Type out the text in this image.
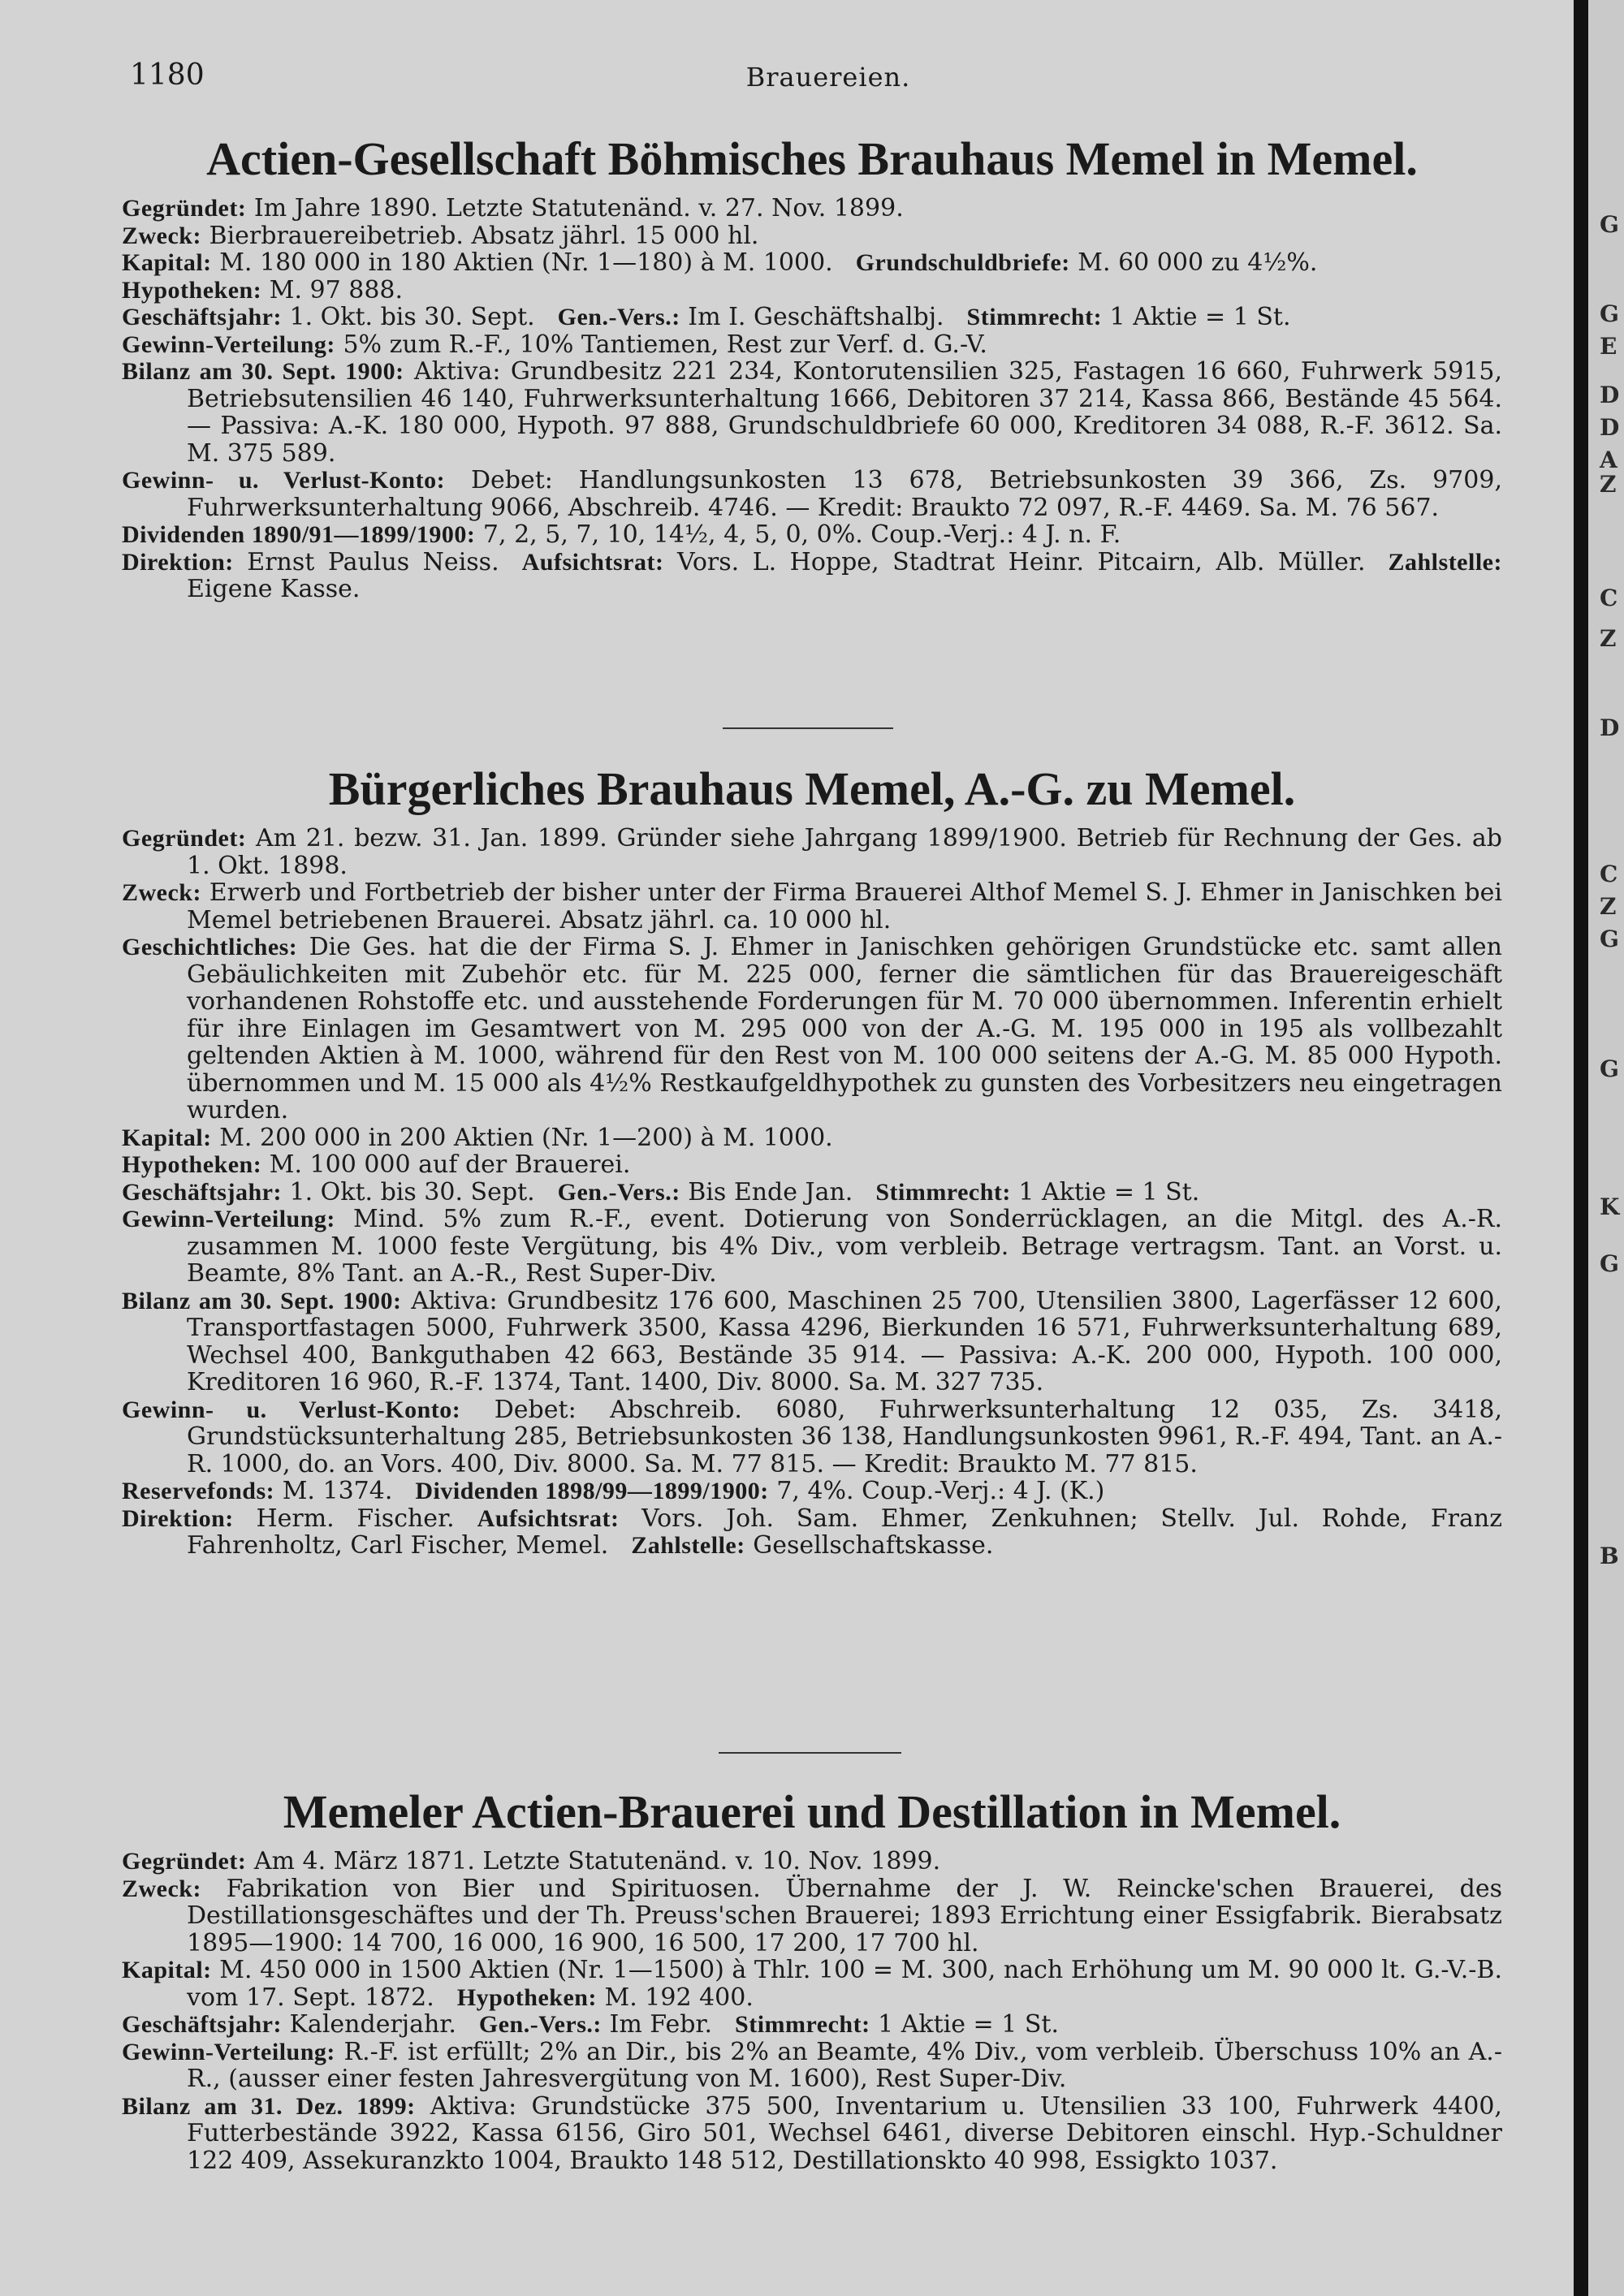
1180	Brauereien.
Actien-Gesellschaft Böhmisches Brauhaus Memel in Memel.

Gegründet: Im Jahre 1890. Letzte Statutenänd. v. 27. Nov. 1899.

Zweck: Bierbrauereibetrieb. Absatz jährl. 15 000 hl.

Kapital: M. 180 000 in 180 Aktien (Nr. 1—180) à M. 1000. Grundschuldbriefe: M. 60 000 zu 4½%.

Hypotheken: M. 97 888.

Geschäftsjahr: 1. Okt. bis 30. Sept. Gen.-Vers.: Im I. Geschäftshalbj. Stimmrecht: 1 Aktie = 1 St.

Gewinn-Verteilung: 5% zum R.-F., 10% Tantiemen, Rest zur Verf. d. G.-V.

Bilanz am 30. Sept. 1900: Aktiva: Grundbesitz 221 234, Kontorutensilien 325, Fastagen 16 660, Fuhrwerk 5915, Betriebsutensilien 46 140, Fuhrwerksunterhaltung 1666, Debitoren 37 214, Kassa 866, Bestände 45 564. — Passiva: A.-K. 180 000, Hypoth. 97 888, Grundschuldbriefe 60 000, Kreditoren 34 088, R.-F. 3612. Sa. M. 375 589.

Gewinn- u. Verlust-Konto: Debet: Handlungsunkosten 13 678, Betriebsunkosten 39 366, Zs. 9709, Fuhrwerksunterhaltung 9066, Abschreib. 4746. — Kredit: Braukto 72 097, R.-F. 4469. Sa. M. 76 567.

Dividenden 1890/91—1899/1900: 7, 2, 5, 7, 10, 14½, 4, 5, 0, 0%. Coup.-Verj.: 4 J. n. F.

Direktion: Ernst Paulus Neiss. Aufsichtsrat: Vors. L. Hoppe, Stadtrat Heinr. Pitcairn, Alb. Müller. Zahlstelle: Eigene Kasse.

Bürgerliches Brauhaus Memel, A.-G. zu Memel.

Gegründet: Am 21. bezw. 31. Jan. 1899. Gründer siehe Jahrgang 1899/1900. Betrieb für Rechnung der Ges. ab 1. Okt. 1898.

Zweck: Erwerb und Fortbetrieb der bisher unter der Firma Brauerei Althof Memel S. J. Ehmer in Janischken bei Memel betriebenen Brauerei. Absatz jährl. ca. 10 000 hl.

Geschichtliches: Die Ges. hat die der Firma S. J. Ehmer in Janischken gehörigen Grundstücke etc. samt allen Gebäulichkeiten mit Zubehör etc. für M. 225 000, ferner die sämtlichen für das Brauereigeschäft vorhandenen Rohstoffe etc. und ausstehende Forderungen für M. 70 000 übernommen. Inferentin erhielt für ihre Einlagen im Gesamtwert von M. 295 000 von der A.-G. M. 195 000 in 195 als vollbezahlt geltenden Aktien à M. 1000, während für den Rest von M. 100 000 seitens der A.-G. M. 85 000 Hypoth. übernommen und M. 15 000 als 4½% Restkaufgeldhypothek zu gunsten des Vorbesitzers neu eingetragen wurden.

Kapital: M. 200 000 in 200 Aktien (Nr. 1—200) à M. 1000.

Hypotheken: M. 100 000 auf der Brauerei.

Geschäftsjahr: 1. Okt. bis 30. Sept. Gen.-Vers.: Bis Ende Jan. Stimmrecht: 1 Aktie = 1 St.

Gewinn-Verteilung: Mind. 5% zum R.-F., event. Dotierung von Sonderrücklagen, an die Mitgl. des A.-R. zusammen M. 1000 feste Vergütung, bis 4% Div., vom verbleib. Betrage vertragsm. Tant. an Vorst. u. Beamte, 8% Tant. an A.-R., Rest Super-Div.

Bilanz am 30. Sept. 1900: Aktiva: Grundbesitz 176 600, Maschinen 25 700, Utensilien 3800, Lagerfässer 12 600, Transportfastagen 5000, Fuhrwerk 3500, Kassa 4296, Bierkunden 16 571, Fuhrwerksunterhaltung 689, Wechsel 400, Bankguthaben 42 663, Bestände 35 914. — Passiva: A.-K. 200 000, Hypoth. 100 000, Kreditoren 16 960, R.-F. 1374, Tant. 1400, Div. 8000. Sa. M. 327 735.

Gewinn- u. Verlust-Konto: Debet: Abschreib. 6080, Fuhrwerksunterhaltung 12 035, Zs. 3418, Grundstücksunterhaltung 285, Betriebsunkosten 36 138, Handlungsunkosten 9961, R.-F. 494, Tant. an A.-R. 1000, do. an Vors. 400, Div. 8000. Sa. M. 77 815. — Kredit: Braukto M. 77 815.

Reservefonds: M. 1374. Dividenden 1898/99—1899/1900: 7, 4%. Coup.-Verj.: 4 J. (K.)

Direktion: Herm. Fischer. Aufsichtsrat: Vors. Joh. Sam. Ehmer, Zenkuhnen; Stellv. Jul. Rohde, Franz Fahrenholtz, Carl Fischer, Memel. Zahlstelle: Gesellschaftskasse.

Memeler Actien-Brauerei und Destillation in Memel.

Gegründet: Am 4. März 1871. Letzte Statutenänd. v. 10. Nov. 1899.

Zweck: Fabrikation von Bier und Spirituosen. Übernahme der J. W. Reincke'schen Brauerei, des Destillationsgeschäftes und der Th. Preuss'schen Brauerei; 1893 Errichtung einer Essigfabrik. Bierabsatz 1895—1900: 14 700, 16 000, 16 900, 16 500, 17 200, 17 700 hl.

Kapital: M. 450 000 in 1500 Aktien (Nr. 1—1500) à Thlr. 100 = M. 300, nach Erhöhung um M. 90 000 lt. G.-V.-B. vom 17. Sept. 1872. Hypotheken: M. 192 400.

Geschäftsjahr: Kalenderjahr. Gen.-Vers.: Im Febr. Stimmrecht: 1 Aktie = 1 St.

Gewinn-Verteilung: R.-F. ist erfüllt; 2% an Dir., bis 2% an Beamte, 4% Div., vom verbleib. Überschuss 10% an A.-R., (ausser einer festen Jahresvergütung von M. 1600), Rest Super-Div.

Bilanz am 31. Dez. 1899: Aktiva: Grundstücke 375 500, Inventarium u. Utensilien 33 100, Fuhrwerk 4400, Futterbestände 3922, Kassa 6156, Giro 501, Wechsel 6461, diverse Debitoren einschl. Hyp.-Schuldner 122 409, Assekuranzkto 1004, Braukto 148 512, Destillationskto 40 998, Essigkto 1037.

G
G
E
D
D
A
Z
C
Z
D
C
Z
G
G
K
G
B
